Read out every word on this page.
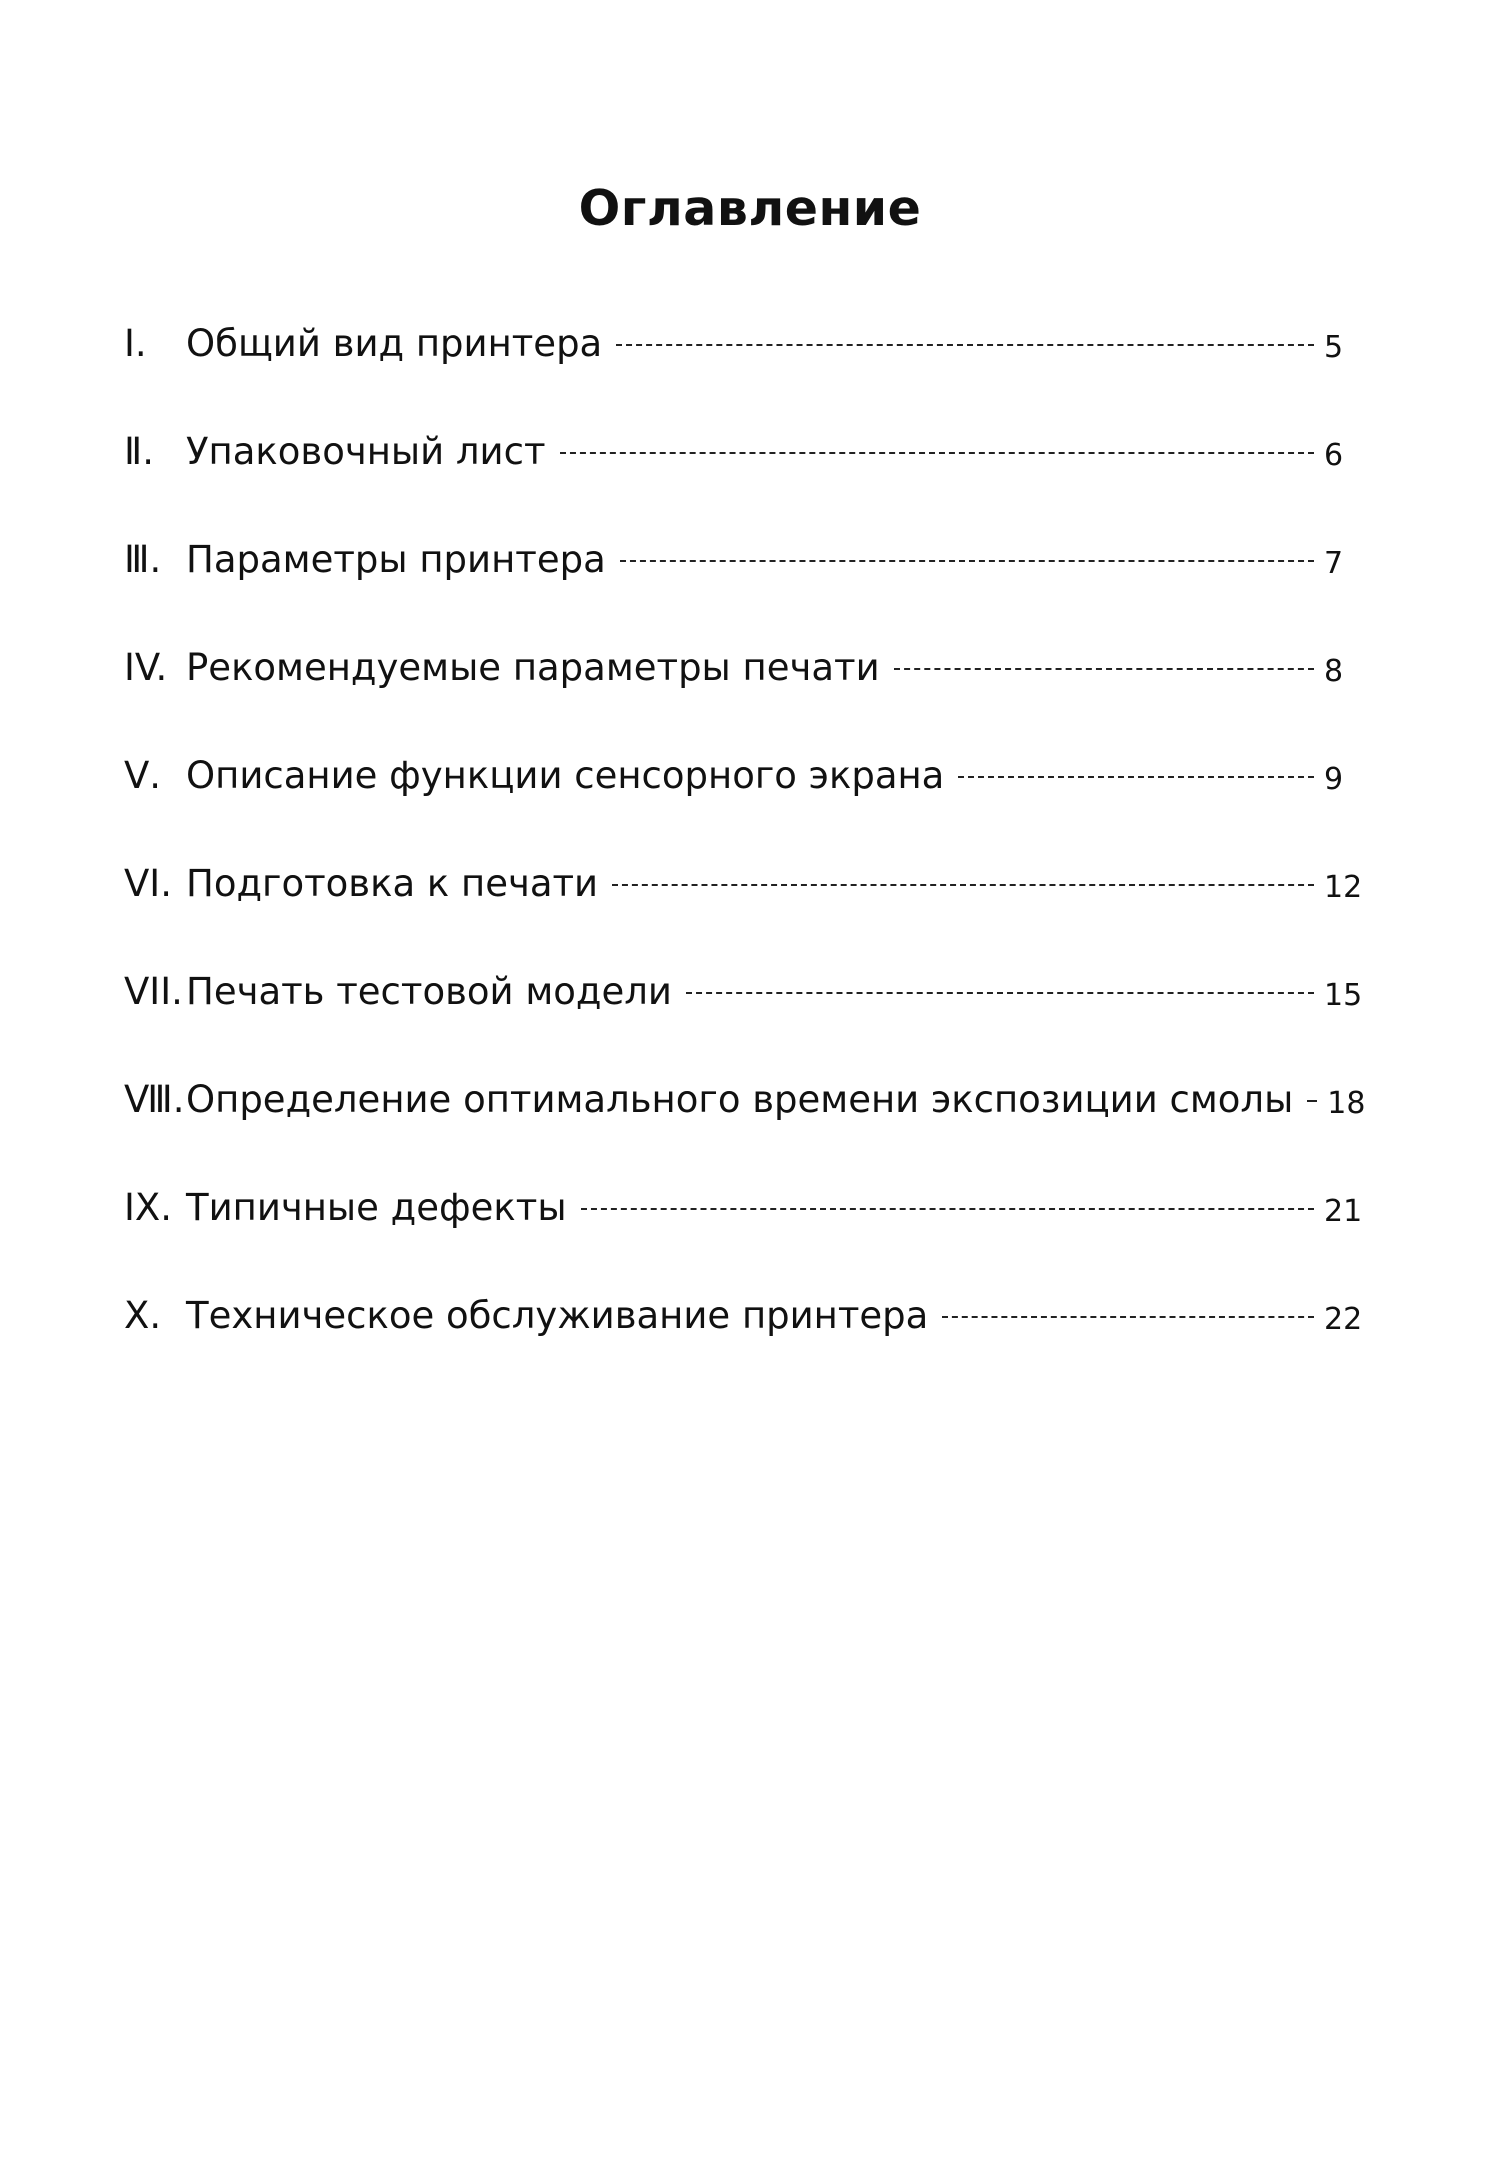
Оглавление
Ⅰ.	Общий вид принтера	5
Ⅱ. Упаковочный лист	6
Ⅲ. Параметры принтера	7
IV. Рекомендуемые параметры печати	8
Ⅴ. Описание функции сенсорного экрана	9
VI. Подготовка к печати	12
VII. Печать тестовой модели	15
Ⅷ. Определение оптимального времени экспозиции смолы 18
IX. Типичные дефекты	21
Ⅹ. Техническое обслуживание принтера	22
